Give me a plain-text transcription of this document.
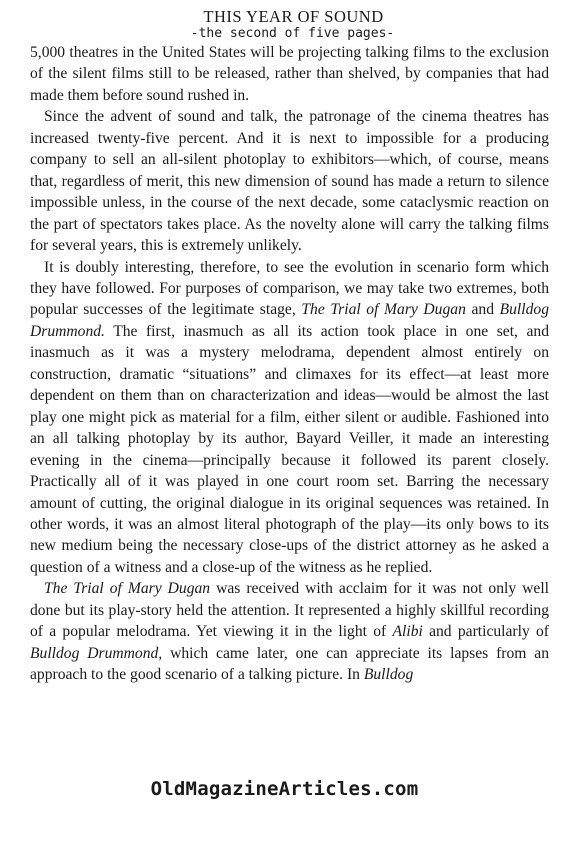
THIS YEAR OF SOUND
-the second of five pages-

5,000 theatres in the United States will be projecting talking films to the exclusion of the silent films still to be released, rather than shelved, by companies that had made them before sound rushed in.

Since the advent of sound and talk, the patronage of the cinema theatres has increased twenty-five percent. And it is next to impossible for a producing company to sell an all-silent photoplay to exhibitors—which, of course, means that, regardless of merit, this new dimension of sound has made a return to silence impossible unless, in the course of the next decade, some cataclysmic reaction on the part of spectators takes place. As the novelty alone will carry the talking films for several years, this is extremely unlikely.

It is doubly interesting, therefore, to see the evolution in scenario form which they have followed. For purposes of comparison, we may take two extremes, both popular successes of the legitimate stage, The Trial of Mary Dugan and Bulldog Drummond. The first, inasmuch as all its action took place in one set, and inasmuch as it was a mystery melodrama, dependent almost entirely on construction, dramatic “situations” and climaxes for its effect—at least more dependent on them than on characterization and ideas—would be almost the last play one might pick as material for a film, either silent or audible. Fashioned into an all talking photoplay by its author, Bayard Veiller, it made an interesting evening in the cinema—principally because it followed its parent closely. Practically all of it was played in one court room set. Barring the necessary amount of cutting, the original dialogue in its original sequences was retained. In other words, it was an almost literal photograph of the play—its only bows to its new medium being the necessary close-ups of the district attorney as he asked a question of a witness and a close-up of the witness as he replied.

The Trial of Mary Dugan was received with acclaim for it was not only well done but its play-story held the attention. It represented a highly skillful recording of a popular melodrama. Yet viewing it in the light of Alibi and particularly of Bulldog Drummond, which came later, one can appreciate its lapses from an approach to the good scenario of a talking picture. In Bulldog

OldMagazineArticles.com
